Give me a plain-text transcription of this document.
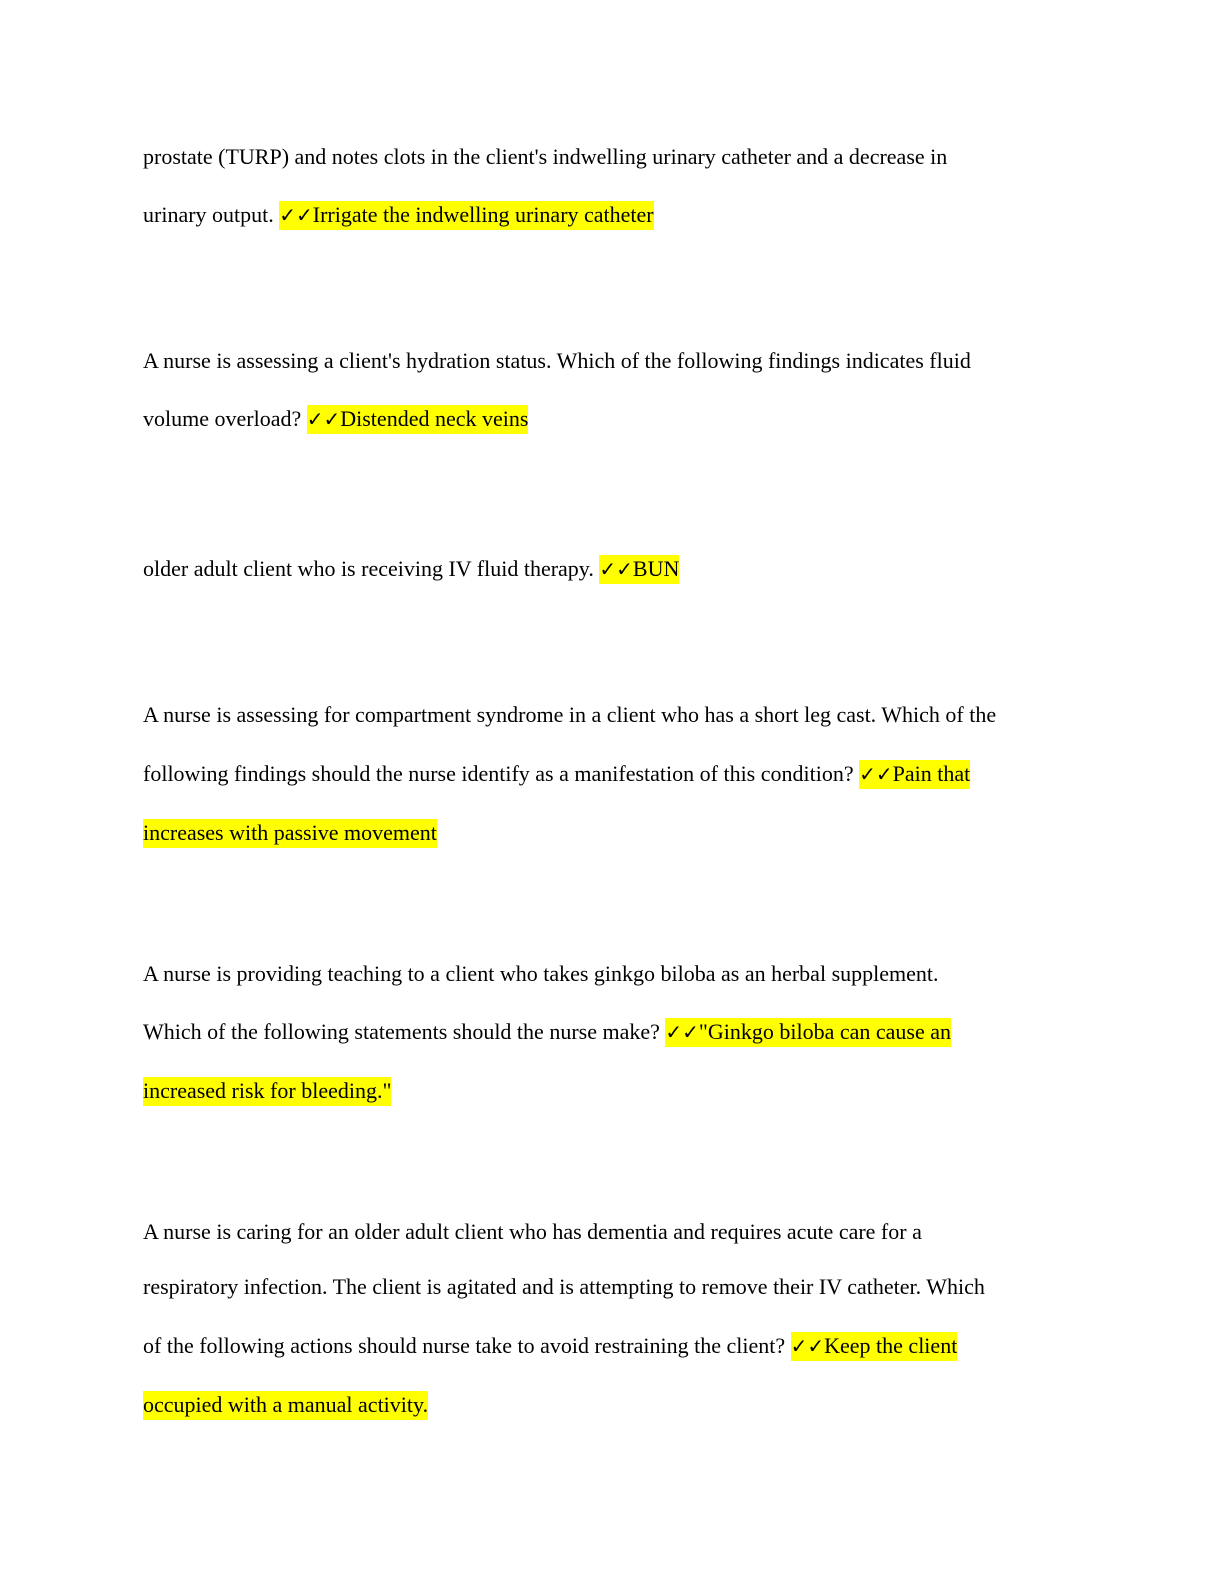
prostate (TURP) and notes clots in the client's indwelling urinary catheter and a decrease in
urinary output. ✓✓Irrigate the indwelling urinary catheter
A nurse is assessing a client's hydration status. Which of the following findings indicates fluid
volume overload? ✓✓Distended neck veins
older adult client who is receiving IV fluid therapy. ✓✓BUN
A nurse is assessing for compartment syndrome in a client who has a short leg cast. Which of the
following findings should the nurse identify as a manifestation of this condition? ✓✓Pain that
increases with passive movement
A nurse is providing teaching to a client who takes ginkgo biloba as an herbal supplement.
Which of the following statements should the nurse make? ✓✓"Ginkgo biloba can cause an
increased risk for bleeding."
A nurse is caring for an older adult client who has dementia and requires acute care for a
respiratory infection. The client is agitated and is attempting to remove their IV catheter. Which
of the following actions should nurse take to avoid restraining the client? ✓✓Keep the client
occupied with a manual activity.
